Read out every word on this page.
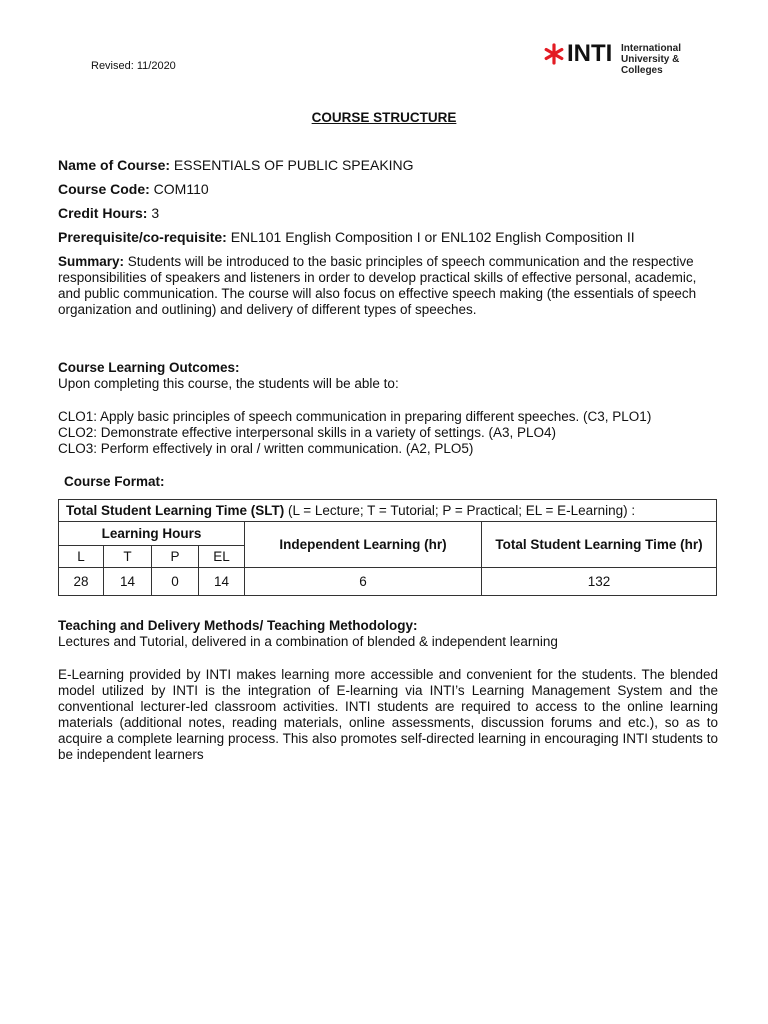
Revised: 11/2020	INTI International
University & Colleges
COURSE STRUCTURE
Name of Course: ESSENTIALS OF PUBLIC SPEAKING
Course Code: COM110
Credit Hours: 3
Prerequisite/co-requisite: ENL101 English Composition I or ENL102 English Composition II
Summary: Students will be introduced to the basic principles of speech communication and the respective responsibilities of speakers and listeners in order to develop practical skills of effective personal, academic, and public communication. The course will also focus on effective speech making (the essentials of speech organization and outlining) and delivery of different types of speeches.
Course Learning Outcomes:
Upon completing this course, the students will be able to:
CLO1: Apply basic principles of speech communication in preparing different speeches. (C3, PLO1)
CLO2: Demonstrate effective interpersonal skills in a variety of settings. (A3, PLO4)
CLO3: Perform effectively in oral / written communication. (A2, PLO5)
Course Format:
Total Student Learning Time (SLT) (L = Lecture; T = Tutorial; P = Practical; EL = E-Learning) :					
Learning Hours				Independent Learning (hr)	Total Student Learning Time (hr)
L	T	P	EL		
28	14	0	14	6	132
Teaching and Delivery Methods/ Teaching Methodology:
Lectures and Tutorial, delivered in a combination of blended & independent learning
E-Learning provided by INTI makes learning more accessible and convenient for the students. The blended model utilized by INTI is the integration of E-learning via INTI’s Learning Management System and the conventional lecturer-led classroom activities. INTI students are required to access to the online learning materials (additional notes, reading materials, online assessments, discussion forums and etc.), so as to acquire a complete learning process. This also promotes self-directed learning in encouraging INTI students to be independent learners
